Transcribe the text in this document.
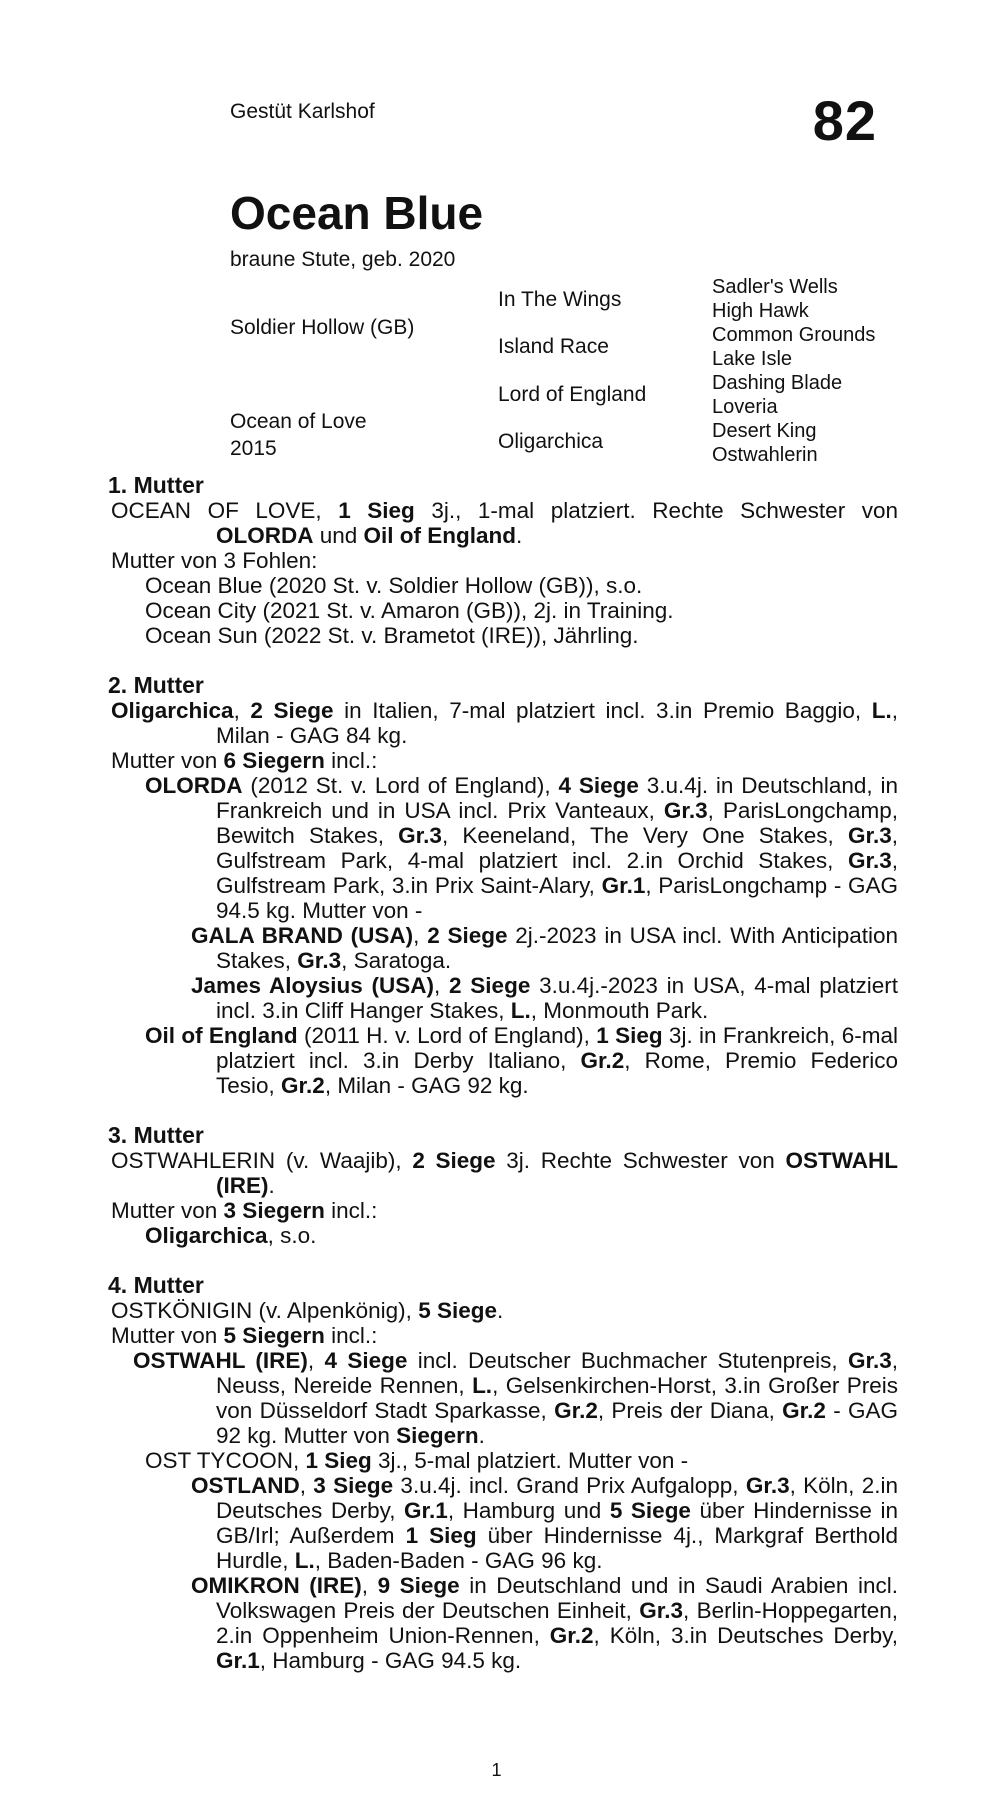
Gestüt Karlshof	82
Ocean Blue
braune Stute, geb. 2020
Soldier Hollow (GB)
Ocean of Love
2015
In The Wings
Island Race
Lord of England
Oligarchica
Sadler's Wells
High Hawk
Common Grounds
Lake Isle
Dashing Blade
Loveria
Desert King
Ostwahlerin

1. Mutter

OCEAN OF LOVE, 1 Sieg 3j., 1-mal platziert. Rechte Schwester von OLORDA und Oil of England.

Mutter von 3 Fohlen:

Ocean Blue (2020 St. v. Soldier Hollow (GB)), s.o.

Ocean City (2021 St. v. Amaron (GB)), 2j. in Training.

Ocean Sun (2022 St. v. Brametot (IRE)), Jährling.

2. Mutter

Oligarchica, 2 Siege in Italien, 7-mal platziert incl. 3.in Premio Baggio, L., Milan - GAG 84 kg.

Mutter von 6 Siegern incl.:

OLORDA (2012 St. v. Lord of England), 4 Siege 3.u.4j. in Deutschland, in Frankreich und in USA incl. Prix Vanteaux, Gr.3, ParisLongchamp, Bewitch Stakes, Gr.3, Keeneland, The Very One Stakes, Gr.3, Gulfstream Park, 4-mal platziert incl. 2.in Orchid Stakes, Gr.3, Gulfstream Park, 3.in Prix Saint-Alary, Gr.1, ParisLongchamp - GAG 94.5 kg. Mutter von -

GALA BRAND (USA), 2 Siege 2j.-2023 in USA incl. With Anticipation Stakes, Gr.3, Saratoga.

James Aloysius (USA), 2 Siege 3.u.4j.-2023 in USA, 4-mal platziert incl. 3.in Cliff Hanger Stakes, L., Monmouth Park.

Oil of England (2011 H. v. Lord of England), 1 Sieg 3j. in Frankreich, 6-mal platziert incl. 3.in Derby Italiano, Gr.2, Rome, Premio Federico Tesio, Gr.2, Milan - GAG 92 kg.

3. Mutter

OSTWAHLERIN (v. Waajib), 2 Siege 3j. Rechte Schwester von OSTWAHL (IRE).

Mutter von 3 Siegern incl.:

Oligarchica, s.o.

4. Mutter

OSTKÖNIGIN (v. Alpenkönig), 5 Siege.

Mutter von 5 Siegern incl.:

OSTWAHL (IRE), 4 Siege incl. Deutscher Buchmacher Stutenpreis, Gr.3, Neuss, Nereide Rennen, L., Gelsenkirchen-Horst, 3.in Großer Preis von Düsseldorf Stadt Sparkasse, Gr.2, Preis der Diana, Gr.2 - GAG 92 kg. Mutter von Siegern.

OST TYCOON, 1 Sieg 3j., 5-mal platziert. Mutter von -

OSTLAND, 3 Siege 3.u.4j. incl. Grand Prix Aufgalopp, Gr.3, Köln, 2.in Deutsches Derby, Gr.1, Hamburg und 5 Siege über Hindernisse in GB/Irl; Außerdem 1 Sieg über Hindernisse 4j., Markgraf Berthold Hurdle, L., Baden-Baden - GAG 96 kg.

OMIKRON (IRE), 9 Siege in Deutschland und in Saudi Arabien incl. Volkswagen Preis der Deutschen Einheit, Gr.3, Berlin-Hoppegarten, 2.in Oppenheim Union-Rennen, Gr.2, Köln, 3.in Deutsches Derby, Gr.1, Hamburg - GAG 94.5 kg.

1
